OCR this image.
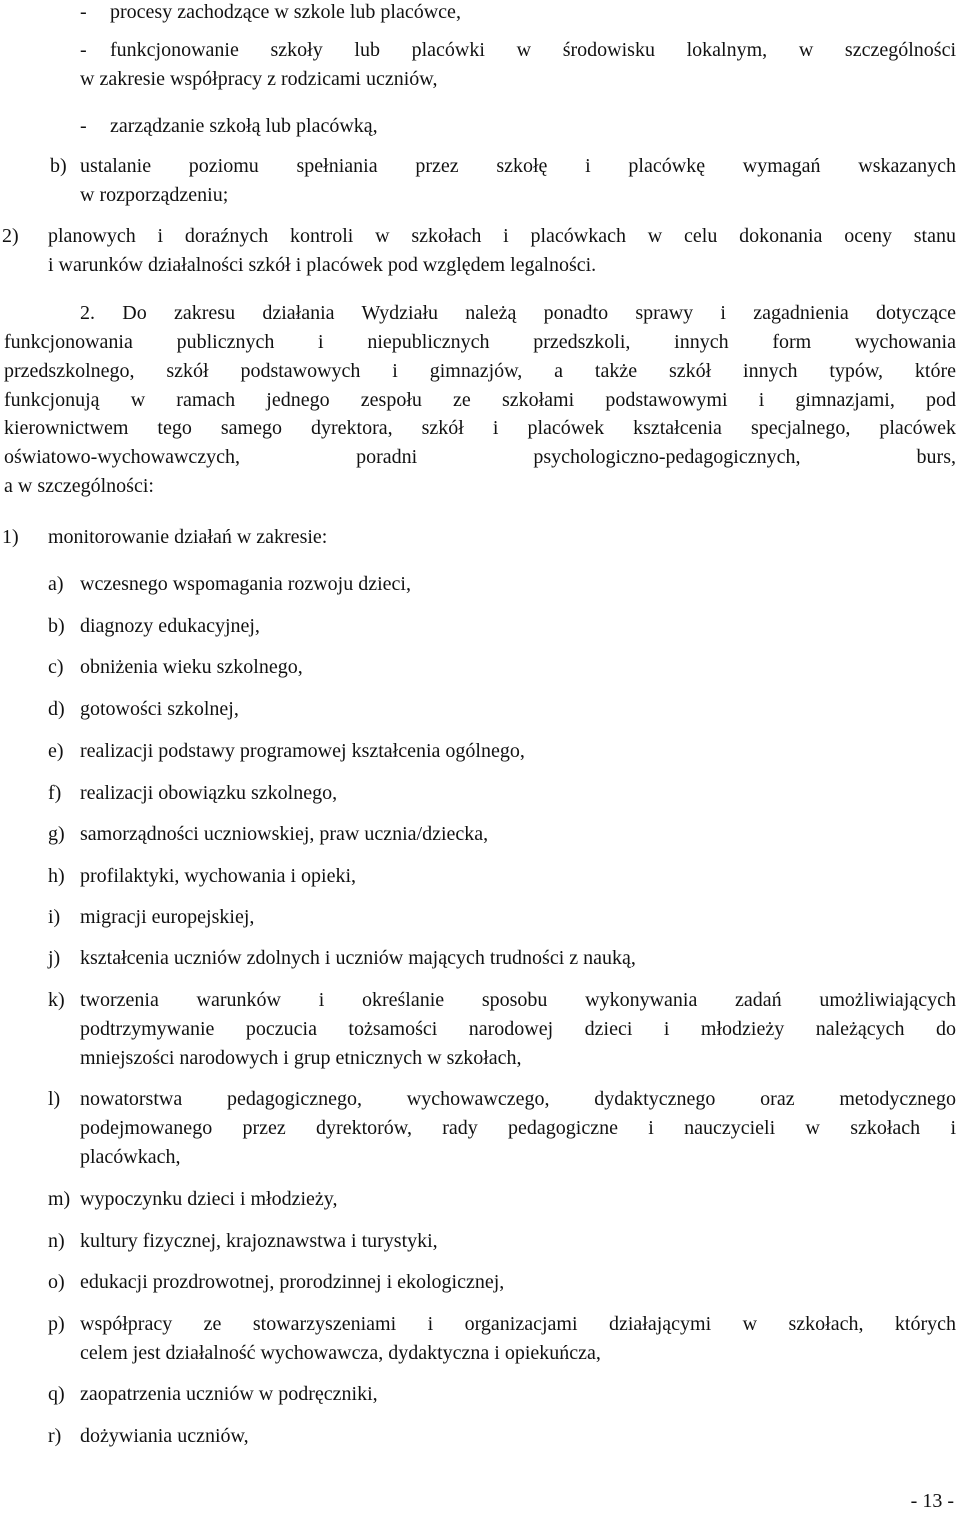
- procesy zachodzące w szkole lub placówce,
- funkcjonowanie szkoły lub placówki w środowisku lokalnym, w szczególności
w zakresie współpracy z rodzicami uczniów,
- zarządzanie szkołą lub placówką,
b) ustalanie poziomu spełniania przez szkołę i placówkę wymagań wskazanych
w rozporządzeniu;
2) planowych i doraźnych kontroli w szkołach i placówkach w celu dokonania oceny stanu
i warunków działalności szkół i placówek pod względem legalności.
2. Do zakresu działania Wydziału należą ponadto sprawy i zagadnienia dotyczące
funkcjonowania publicznych i niepublicznych przedszkoli, innych form wychowania
przedszkolnego, szkół podstawowych i gimnazjów, a także szkół innych typów, które
funkcjonują w ramach jednego zespołu ze szkołami podstawowymi i gimnazjami, pod
kierownictwem tego samego dyrektora, szkół i placówek kształcenia specjalnego, placówek
oświatowo-wychowawczych, poradni psychologiczno-pedagogicznych, burs,
a w szczególności:
1) monitorowanie działań w zakresie:
a) wczesnego wspomagania rozwoju dzieci,
b) diagnozy edukacyjnej,
c) obniżenia wieku szkolnego,
d) gotowości szkolnej,
e) realizacji podstawy programowej kształcenia ogólnego,
f) realizacji obowiązku szkolnego,
g) samorządności uczniowskiej, praw ucznia/dziecka,
h) profilaktyki, wychowania i opieki,
i) migracji europejskiej,
j) kształcenia uczniów zdolnych i uczniów mających trudności z nauką,
k) tworzenia warunków i określanie sposobu wykonywania zadań umożliwiających
podtrzymywanie poczucia tożsamości narodowej dzieci i młodzieży należących do
mniejszości narodowych i grup etnicznych w szkołach,
l) nowatorstwa pedagogicznego, wychowawczego, dydaktycznego oraz metodycznego
podejmowanego przez dyrektorów, rady pedagogiczne i nauczycieli w szkołach i
placówkach,
m) wypoczynku dzieci i młodzieży,
n) kultury fizycznej, krajoznawstwa i turystyki,
o) edukacji prozdrowotnej, prorodzinnej i ekologicznej,
p) współpracy ze stowarzyszeniami i organizacjami działającymi w szkołach, których
celem jest działalność wychowawcza, dydaktyczna i opiekuńcza,
q) zaopatrzenia uczniów w podręczniki,
r) dożywiania uczniów,
- 13 -
